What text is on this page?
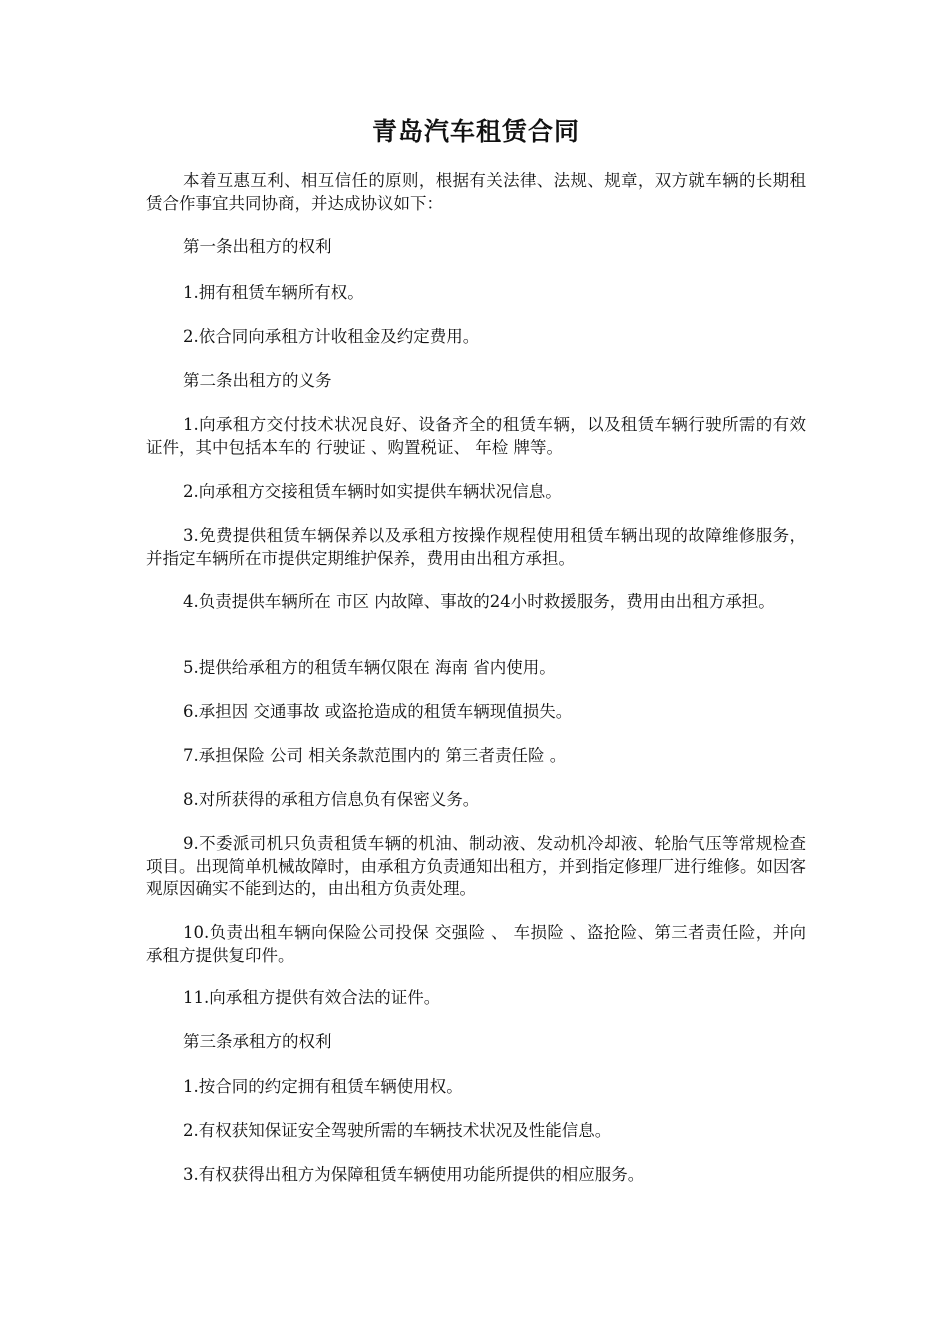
青岛汽车租赁合同
本着互惠互利、相互信任的原则，根据有关法律、法规、规章，双方就车辆的长期租赁合作事宜共同协商，并达成协议如下：
第一条出租方的权利
1.拥有租赁车辆所有权。
2.依合同向承租方计收租金及约定费用。
第二条出租方的义务
1.向承租方交付技术状况良好、设备齐全的租赁车辆，以及租赁车辆行驶所需的有效证件，其中包括本车的 行驶证 、购置税证、 年检 牌等。
2.向承租方交接租赁车辆时如实提供车辆状况信息。
3.免费提供租赁车辆保养以及承租方按操作规程使用租赁车辆出现的故障维修服务，并指定车辆所在市提供定期维护保养，费用由出租方承担。
4.负责提供车辆所在 市区 内故障、事故的24小时救援服务，费用由出租方承担。
5.提供给承租方的租赁车辆仅限在 海南 省内使用。
6.承担因 交通事故 或盗抢造成的租赁车辆现值损失。
7.承担保险 公司 相关条款范围内的 第三者责任险 。
8.对所获得的承租方信息负有保密义务。
9.不委派司机只负责租赁车辆的机油、制动液、发动机冷却液、轮胎气压等常规检查项目。出现简单机械故障时，由承租方负责通知出租方，并到指定修理厂进行维修。如因客观原因确实不能到达的，由出租方负责处理。
10.负责出租车辆向保险公司投保 交强险 、 车损险 、盗抢险、第三者责任险，并向承租方提供复印件。
11.向承租方提供有效合法的证件。
第三条承租方的权利
1.按合同的约定拥有租赁车辆使用权。
2.有权获知保证安全驾驶所需的车辆技术状况及性能信息。
3.有权获得出租方为保障租赁车辆使用功能所提供的相应服务。
